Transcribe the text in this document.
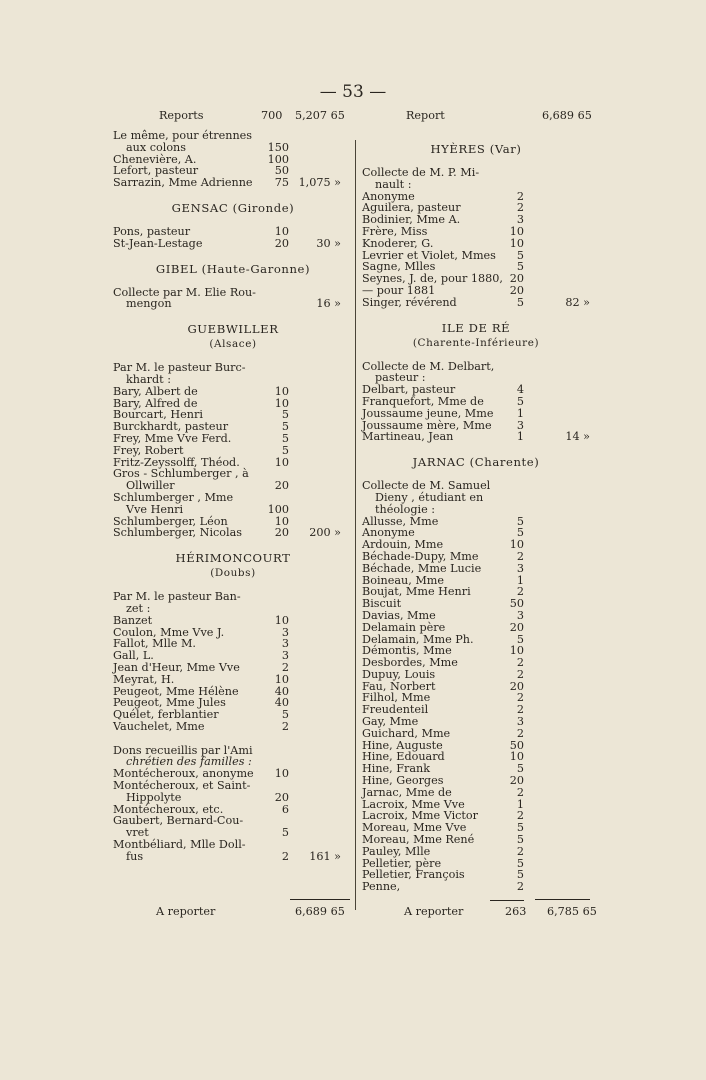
— 53 —
Reports	700 5,207 65
Le même, pour étrennes
aux colons	150
Chenevière, A.	100
Lefort, pasteur	50
Sarrazin, Mme Adrienne	75 1,075 »
GENSAC (Gironde)
Pons, pasteur	10
St-Jean-Lestage	20	30 »
GIBEL (Haute-Garonne)
Collecte par M. Elie Rou-
mengon	16 »
GUEBWILLER
(Alsace)
Par M. le pasteur Burc-
khardt :
Bary, Albert de	10
Bary, Alfred de	10
Bourcart, Henri	5
Burckhardt, pasteur	5
Frey, Mme Vve Ferd.	5
Frey, Robert	5
Fritz-Zeyssolff, Théod.	10
Gros - Schlumberger , à
Ollwiller	20
Schlumberger , Mme
Vve Henri	100
Schlumberger, Léon	10
Schlumberger, Nicolas	20	200 »
HÉRIMONCOURT
(Doubs)
Par M. le pasteur Ban-
zet :
Banzet	10
Coulon, Mme Vve J.	3
Fallot, Mlle M.	3
Gall, L.	3
Jean d'Heur, Mme Vve	2
Meyrat, H.	10
Peugeot, Mme Hélène	40
Peugeot, Mme Jules	40
Quélet, ferblantier	5
Vauchelet, Mme	2
Dons recueillis par l'Ami
chrétien des familles :
Montécheroux, anonyme	10
Montécheroux, et Saint-
Hippolyte	20
Montécheroux, etc.	6
Gaubert, Bernard-Cou-
vret	5
Montbéliard, Mlle Doll-
fus	2	161 »
Report	6,689 65
HYÈRES (Var)
Collecte de M. P. Mi-
nault :
Anonyme	2
Aguilera, pasteur	2
Bodinier, Mme A.	3
Frère, Miss	10
Knoderer, G.	10
Levrier et Violet, Mmes	5
Sagne, Mlles	5
Seynes, J. de, pour 1880, 20
— pour 1881	20
Singer, révérend	5	82 »
ILE DE RÉ
(Charente-Inférieure)
Collecte de M. Delbart,
pasteur :
Delbart, pasteur	4
Franquefort, Mme de	5
Joussaume jeune, Mme	1
Joussaume mère, Mme	3
Martineau, Jean	1	14 »
JARNAC (Charente)
Collecte de M. Samuel
Dieny , étudiant en
théologie :
Allusse, Mme	5
Anonyme	5
Ardouin, Mme	10
Béchade-Dupy, Mme	2
Béchade, Mme Lucie	3
Boineau, Mme	1
Boujat, Mme Henri	2
Biscuit	50
Davias, Mme	3
Delamain père	20
Delamain, Mme Ph.	5
Démontis, Mme	10
Desbordes, Mme	2
Dupuy, Louis	2
Fau, Norbert	20
Filhol, Mme	2
Freudenteil	2
Gay, Mme	3
Guichard, Mme	2
Hine, Auguste	50
Hine, Edouard	10
Hine, Frank	5
Hine, Georges	20
Jarnac, Mme de	2
Lacroix, Mme Vve	1
Lacroix, Mme Victor	2
Moreau, Mme Vve	5
Moreau, Mme René	5
Pauley, Mlle	2
Pelletier, père	5
Pelletier, François	5
Penne,	2
A reporter	6,689 65	A reporter	263 6,785 65
